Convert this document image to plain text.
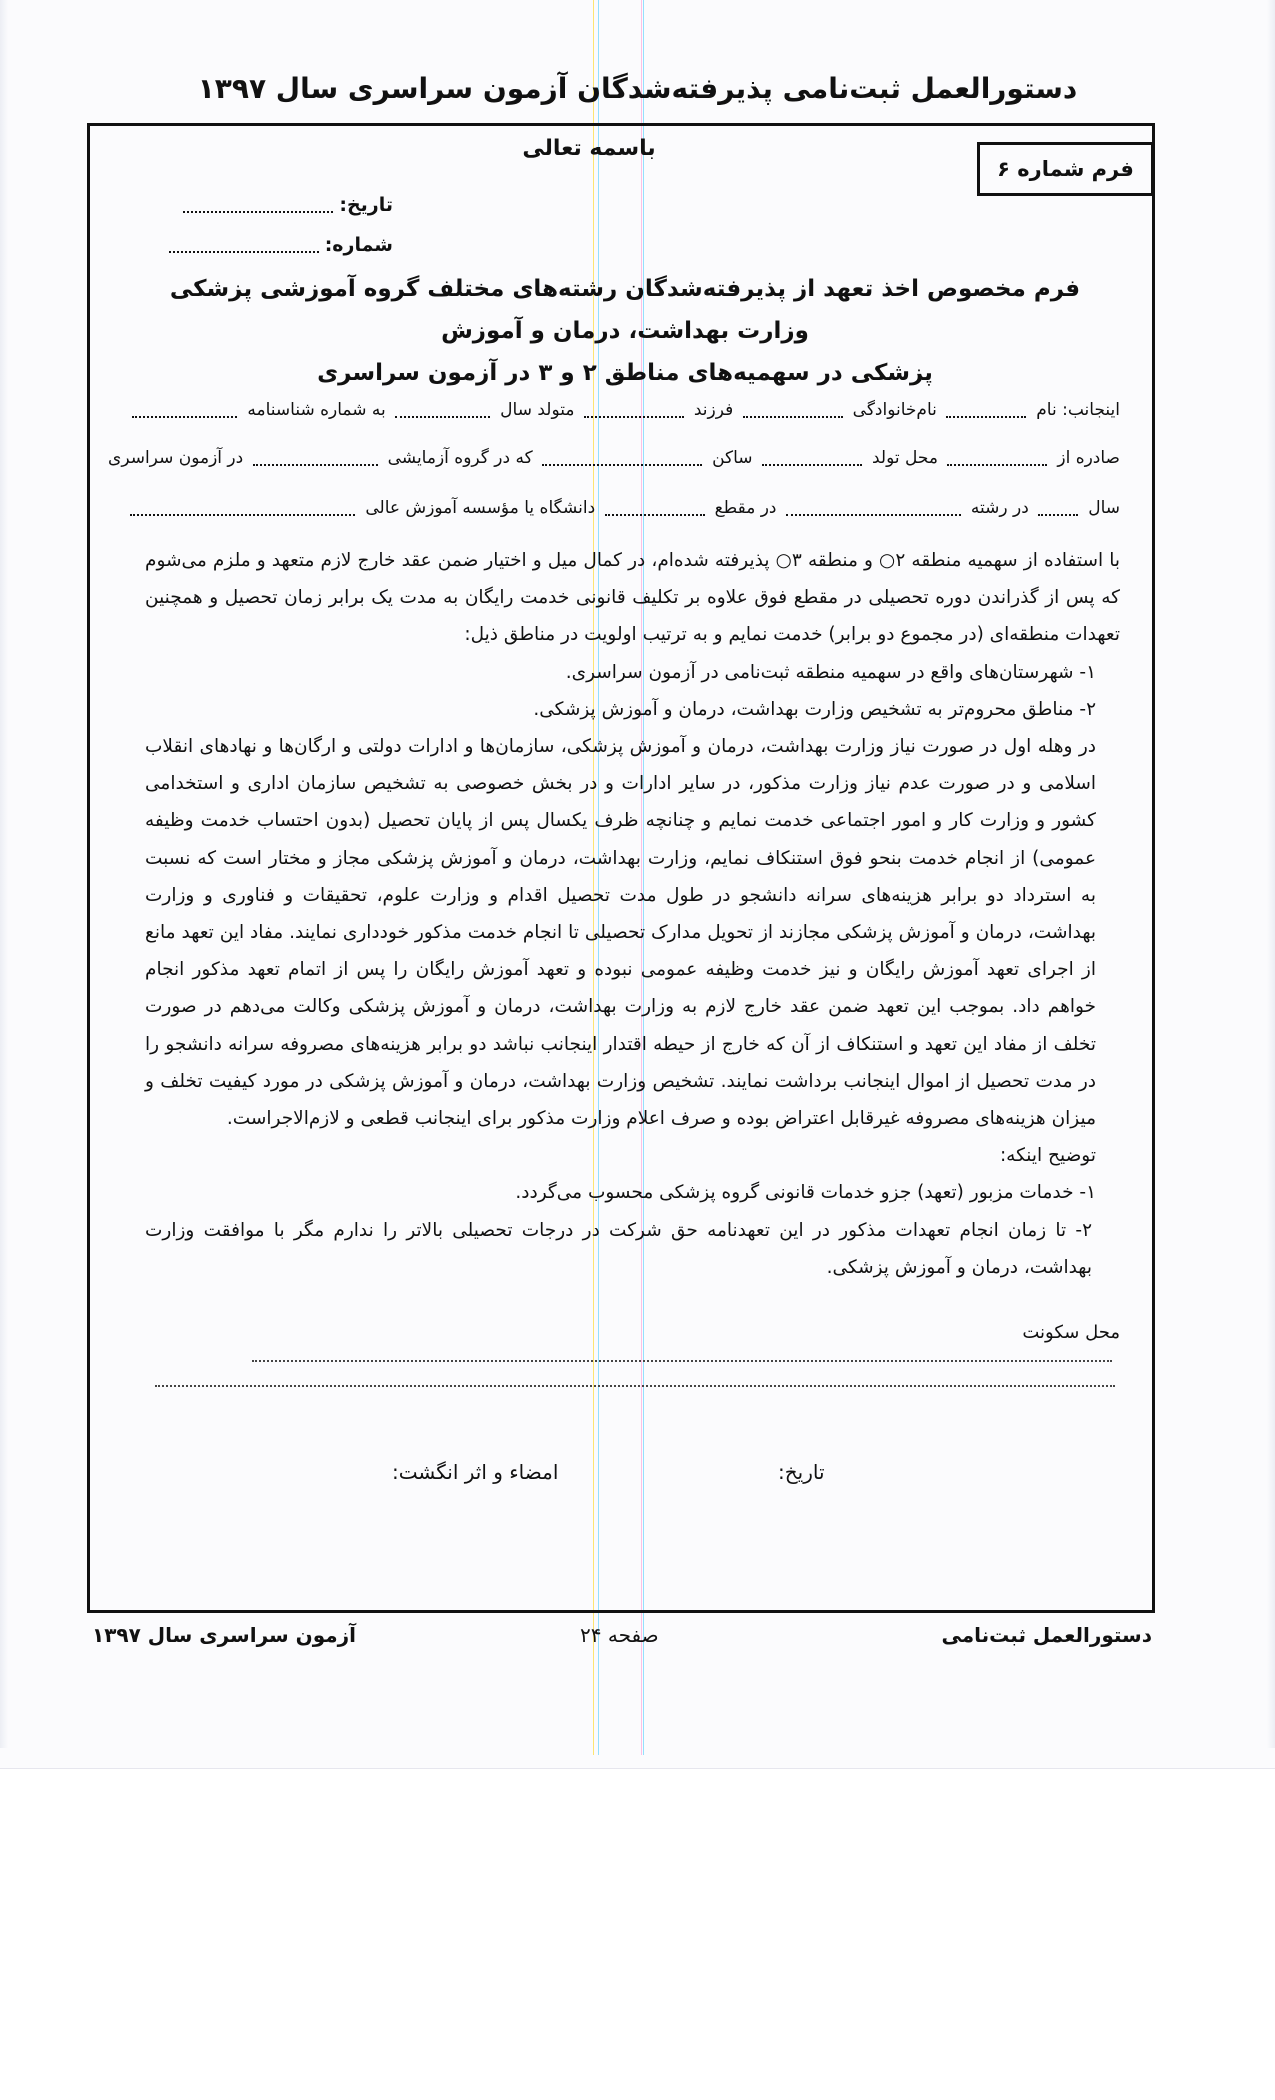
دستورالعمل ثبت‌نامی پذیرفته‌شدگان آزمون سراسری سال ۱۳۹۷
فرم شماره ۶
باسمه تعالی
تاریخ:
شماره:
فرم مخصوص اخذ تعهد از پذیرفته‌شدگان رشته‌های مختلف گروه آموزشی پزشکی وزارت بهداشت، درمان و آموزش
پزشکی در سهمیه‌های مناطق ۲ و ۳ در آزمون سراسری
اینجانب: نام نام‌خانوادگی فرزند متولد سال به شماره شناسنامه
صادره از محل تولد ساکن که در گروه آزمایشی در آزمون سراسری
سال در رشته در مقطع دانشگاه یا مؤسسه آموزش عالی

با استفاده از سهمیه منطقه ۲○ و منطقه ۳○ پذیرفته شده‌ام، در کمال میل و اختیار ضمن عقد خارج لازم متعهد و ملزم می‌شوم که پس از گذراندن دوره تحصیلی در مقطع فوق علاوه بر تکلیف قانونی خدمت رایگان به مدت یک برابر زمان تحصیل و همچنین تعهدات منطقه‌ای (در مجموع دو برابر) خدمت نمایم و به ترتیب اولویت در مناطق ذیل:

۱- شهرستان‌های واقع در سهمیه منطقه ثبت‌نامی در آزمون سراسری.

۲- مناطق محروم‌تر به تشخیص وزارت بهداشت، درمان و آموزش پزشکی.

در وهله اول در صورت نیاز وزارت بهداشت، درمان و آموزش پزشکی، سازمان‌ها و ادارات دولتی و ارگان‌ها و نهادهای انقلاب اسلامی و در صورت عدم نیاز وزارت مذکور، در سایر ادارات و در بخش خصوصی به تشخیص سازمان اداری و استخدامی کشور و وزارت کار و امور اجتماعی خدمت نمایم و چنانچه ظرف یکسال پس از پایان تحصیل (بدون احتساب خدمت وظیفه عمومی) از انجام خدمت بنحو فوق استنکاف نمایم، وزارت بهداشت، درمان و آموزش پزشکی مجاز و مختار است که نسبت به استرداد دو برابر هزینه‌های سرانه دانشجو در طول مدت تحصیل اقدام و وزارت علوم، تحقیقات و فناوری و وزارت بهداشت، درمان و آموزش پزشکی مجازند از تحویل مدارک تحصیلی تا انجام خدمت مذکور خودداری نمایند. مفاد این تعهد مانع از اجرای تعهد آموزش رایگان و نیز خدمت وظیفه عمومی نبوده و تعهد آموزش رایگان را پس از اتمام تعهد مذکور انجام خواهم داد. بموجب این تعهد ضمن عقد خارج لازم به وزارت بهداشت، درمان و آموزش پزشکی وکالت می‌دهم در صورت تخلف از مفاد این تعهد و استنکاف از آن که خارج از حیطه اقتدار اینجانب نباشد دو برابر هزینه‌های مصروفه سرانه دانشجو را در مدت تحصیل از اموال اینجانب برداشت نمایند. تشخیص وزارت بهداشت، درمان و آموزش پزشکی در مورد کیفیت تخلف و میزان هزینه‌های مصروفه غیرقابل اعتراض بوده و صرف اعلام وزارت مذکور برای اینجانب قطعی و لازم‌الاجراست.

توضیح اینکه:

۱- خدمات مزبور (تعهد) جزو خدمات قانونی گروه پزشکی محسوب می‌گردد.

۲- تا زمان انجام تعهدات مذکور در این تعهدنامه حق شرکت در درجات تحصیلی بالاتر را ندارم مگر با موافقت وزارت بهداشت، درمان و آموزش پزشکی.

محل سکونت
تاریخ:
امضاء و اثر انگشت:
دستورالعمل ثبت‌نامی
صفحه ۲۴
آزمون سراسری سال ۱۳۹۷
